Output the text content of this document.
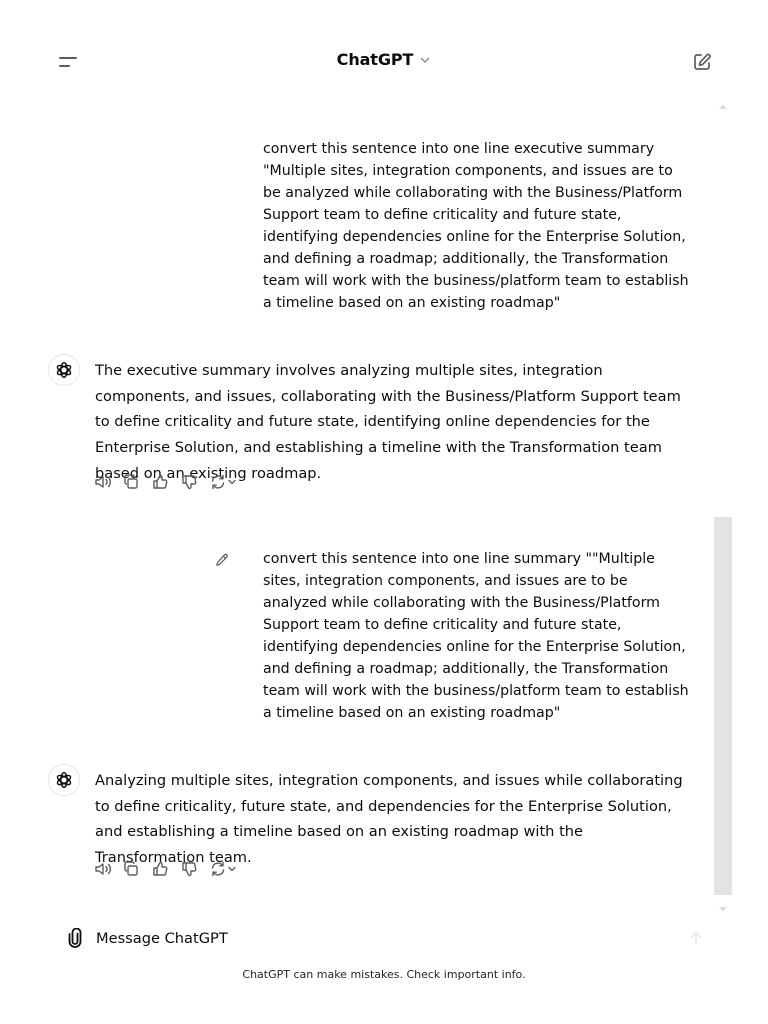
ChatGPT
convert this sentence into one line executive summary "Multiple sites, integration components, and issues are to be analyzed while collaborating with the Business/Platform Support team to define criticality and future state, identifying dependencies online for the Enterprise Solution, and defining a roadmap; additionally, the Transformation team will work with the business/platform team to establish a timeline based on an existing roadmap"
The executive summary involves analyzing multiple sites, integration components, and issues, collaborating with the Business/Platform Support team to define criticality and future state, identifying online dependencies for the Enterprise Solution, and establishing a timeline with the Transformation team based on an existing roadmap.
convert this sentence into one line summary ""Multiple sites, integration components, and issues are to be analyzed while collaborating with the Business/Platform Support team to define criticality and future state, identifying dependencies online for the Enterprise Solution, and defining a roadmap; additionally, the Transformation team will work with the business/platform team to establish a timeline based on an existing roadmap"
Analyzing multiple sites, integration components, and issues while collaborating to define criticality, future state, and dependencies for the Enterprise Solution, and establishing a timeline based on an existing roadmap with the Transformation team.
Message ChatGPT
ChatGPT can make mistakes. Check important info.
